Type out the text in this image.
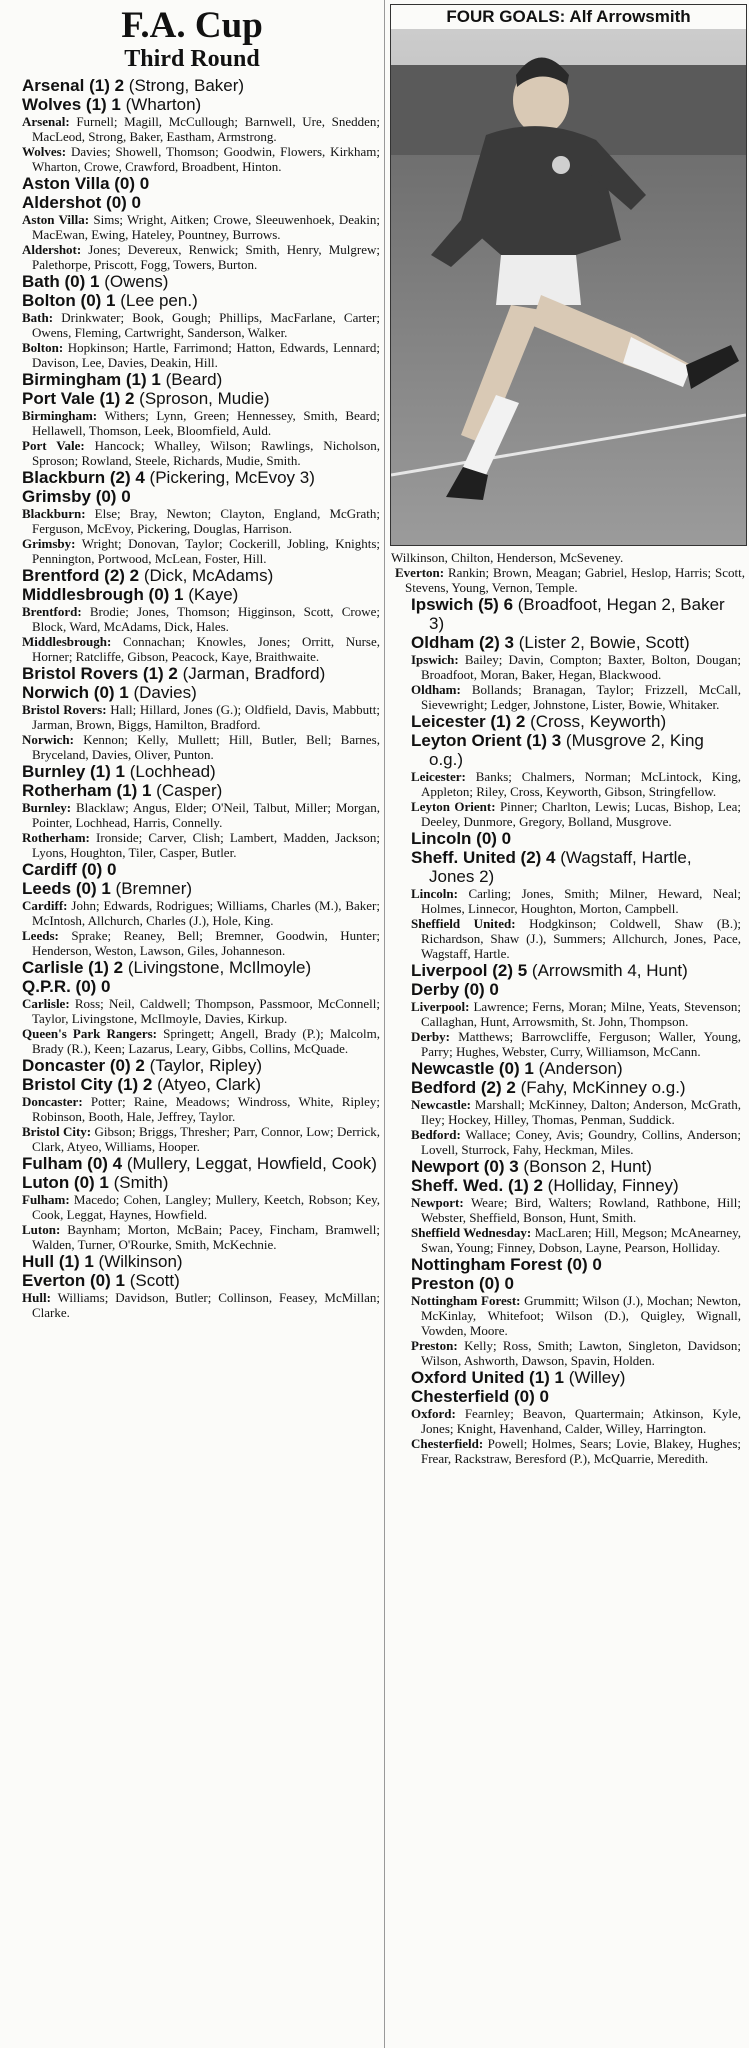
F.A. Cup
Third Round
Arsenal (1) 2 (Strong, Baker)
Wolves (1) 1 (Wharton)
Arsenal: Furnell; Magill, McCullough; Barnwell, Ure, Snedden; MacLeod, Strong, Baker, Eastham, Armstrong.
Wolves: Davies; Showell, Thomson; Goodwin, Flowers, Kirkham; Wharton, Crowe, Crawford, Broadbent, Hinton.
Aston Villa (0) 0
Aldershot (0) 0
Aston Villa: Sims; Wright, Aitken; Crowe, Sleeuwenhoek, Deakin; MacEwan, Ewing, Hateley, Pountney, Burrows.
Aldershot: Jones; Devereux, Renwick; Smith, Henry, Mulgrew; Palethorpe, Priscott, Fogg, Towers, Burton.
Bath (0) 1 (Owens)
Bolton (0) 1 (Lee pen.)
Bath: Drinkwater; Book, Gough; Phillips, MacFarlane, Carter; Owens, Fleming, Cartwright, Sanderson, Walker.
Bolton: Hopkinson; Hartle, Farrimond; Hatton, Edwards, Lennard; Davison, Lee, Davies, Deakin, Hill.
Birmingham (1) 1 (Beard)
Port Vale (1) 2 (Sproson, Mudie)
Birmingham: Withers; Lynn, Green; Hennessey, Smith, Beard; Hellawell, Thomson, Leek, Bloomfield, Auld.
Port Vale: Hancock; Whalley, Wilson; Rawlings, Nicholson, Sproson; Rowland, Steele, Richards, Mudie, Smith.
Blackburn (2) 4 (Pickering, McEvoy 3)
Grimsby (0) 0
Blackburn: Else; Bray, Newton; Clayton, England, McGrath; Ferguson, McEvoy, Pickering, Douglas, Harrison.
Grimsby: Wright; Donovan, Taylor; Cockerill, Jobling, Knights; Pennington, Portwood, McLean, Foster, Hill.
Brentford (2) 2 (Dick, McAdams)
Middlesbrough (0) 1 (Kaye)
Brentford: Brodie; Jones, Thomson; Higginson, Scott, Crowe; Block, Ward, McAdams, Dick, Hales.
Middlesbrough: Connachan; Knowles, Jones; Orritt, Nurse, Horner; Ratcliffe, Gibson, Peacock, Kaye, Braithwaite.
Bristol Rovers (1) 2 (Jarman, Bradford)
Norwich (0) 1 (Davies)
Bristol Rovers: Hall; Hillard, Jones (G.); Oldfield, Davis, Mabbutt; Jarman, Brown, Biggs, Hamilton, Bradford.
Norwich: Kennon; Kelly, Mullett; Hill, Butler, Bell; Barnes, Bryceland, Davies, Oliver, Punton.
Burnley (1) 1 (Lochhead)
Rotherham (1) 1 (Casper)
Burnley: Blacklaw; Angus, Elder; O'Neil, Talbut, Miller; Morgan, Pointer, Lochhead, Harris, Connelly.
Rotherham: Ironside; Carver, Clish; Lambert, Madden, Jackson; Lyons, Houghton, Tiler, Casper, Butler.
Cardiff (0) 0
Leeds (0) 1 (Bremner)
Cardiff: John; Edwards, Rodrigues; Williams, Charles (M.), Baker; McIntosh, Allchurch, Charles (J.), Hole, King.
Leeds: Sprake; Reaney, Bell; Bremner, Goodwin, Hunter; Henderson, Weston, Lawson, Giles, Johanneson.
Carlisle (1) 2 (Livingstone, McIlmoyle)
Q.P.R. (0) 0
Carlisle: Ross; Neil, Caldwell; Thompson, Passmoor, McConnell; Taylor, Livingstone, McIlmoyle, Davies, Kirkup.
Queen's Park Rangers: Springett; Angell, Brady (P.); Malcolm, Brady (R.), Keen; Lazarus, Leary, Gibbs, Collins, McQuade.
Doncaster (0) 2 (Taylor, Ripley)
Bristol City (1) 2 (Atyeo, Clark)
Doncaster: Potter; Raine, Meadows; Windross, White, Ripley; Robinson, Booth, Hale, Jeffrey, Taylor.
Bristol City: Gibson; Briggs, Thresher; Parr, Connor, Low; Derrick, Clark, Atyeo, Williams, Hooper.
Fulham (0) 4 (Mullery, Leggat, Howfield, Cook)
Luton (0) 1 (Smith)
Fulham: Macedo; Cohen, Langley; Mullery, Keetch, Robson; Key, Cook, Leggat, Haynes, Howfield.
Luton: Baynham; Morton, McBain; Pacey, Fincham, Bramwell; Walden, Turner, O'Rourke, Smith, McKechnie.
Hull (1) 1 (Wilkinson)
Everton (0) 1 (Scott)
Hull: Williams; Davidson, Butler; Collinson, Feasey, McMillan; Clarke.
FOUR GOALS: Alf Arrowsmith
Wilkinson, Chilton, Henderson, McSeveney.
Everton: Rankin; Brown, Meagan; Gabriel, Heslop, Harris; Scott, Stevens, Young, Vernon, Temple.
Ipswich (5) 6 (Broadfoot, Hegan 2, Baker 3)
Oldham (2) 3 (Lister 2, Bowie, Scott)
Ipswich: Bailey; Davin, Compton; Baxter, Bolton, Dougan; Broadfoot, Moran, Baker, Hegan, Blackwood.
Oldham: Bollands; Branagan, Taylor; Frizzell, McCall, Sievewright; Ledger, Johnstone, Lister, Bowie, Whitaker.
Leicester (1) 2 (Cross, Keyworth)
Leyton Orient (1) 3 (Musgrove 2, King o.g.)
Leicester: Banks; Chalmers, Norman; McLintock, King, Appleton; Riley, Cross, Keyworth, Gibson, Stringfellow.
Leyton Orient: Pinner; Charlton, Lewis; Lucas, Bishop, Lea; Deeley, Dunmore, Gregory, Bolland, Musgrove.
Lincoln (0) 0
Sheff. United (2) 4 (Wagstaff, Hartle, Jones 2)
Lincoln: Carling; Jones, Smith; Milner, Heward, Neal; Holmes, Linnecor, Houghton, Morton, Campbell.
Sheffield United: Hodgkinson; Coldwell, Shaw (B.); Richardson, Shaw (J.), Summers; Allchurch, Jones, Pace, Wagstaff, Hartle.
Liverpool (2) 5 (Arrowsmith 4, Hunt)
Derby (0) 0
Liverpool: Lawrence; Ferns, Moran; Milne, Yeats, Stevenson; Callaghan, Hunt, Arrowsmith, St. John, Thompson.
Derby: Matthews; Barrowcliffe, Ferguson; Waller, Young, Parry; Hughes, Webster, Curry, Williamson, McCann.
Newcastle (0) 1 (Anderson)
Bedford (2) 2 (Fahy, McKinney o.g.)
Newcastle: Marshall; McKinney, Dalton; Anderson, McGrath, Iley; Hockey, Hilley, Thomas, Penman, Suddick.
Bedford: Wallace; Coney, Avis; Goundry, Collins, Anderson; Lovell, Sturrock, Fahy, Heckman, Miles.
Newport (0) 3 (Bonson 2, Hunt)
Sheff. Wed. (1) 2 (Holliday, Finney)
Newport: Weare; Bird, Walters; Rowland, Rathbone, Hill; Webster, Sheffield, Bonson, Hunt, Smith.
Sheffield Wednesday: MacLaren; Hill, Megson; McAnearney, Swan, Young; Finney, Dobson, Layne, Pearson, Holliday.
Nottingham Forest (0) 0
Preston (0) 0
Nottingham Forest: Grummitt; Wilson (J.), Mochan; Newton, McKinlay, Whitefoot; Wilson (D.), Quigley, Wignall, Vowden, Moore.
Preston: Kelly; Ross, Smith; Lawton, Singleton, Davidson; Wilson, Ashworth, Dawson, Spavin, Holden.
Oxford United (1) 1 (Willey)
Chesterfield (0) 0
Oxford: Fearnley; Beavon, Quartermain; Atkinson, Kyle, Jones; Knight, Havenhand, Calder, Willey, Harrington.
Chesterfield: Powell; Holmes, Sears; Lovie, Blakey, Hughes; Frear, Rackstraw, Beresford (P.), McQuarrie, Meredith.
